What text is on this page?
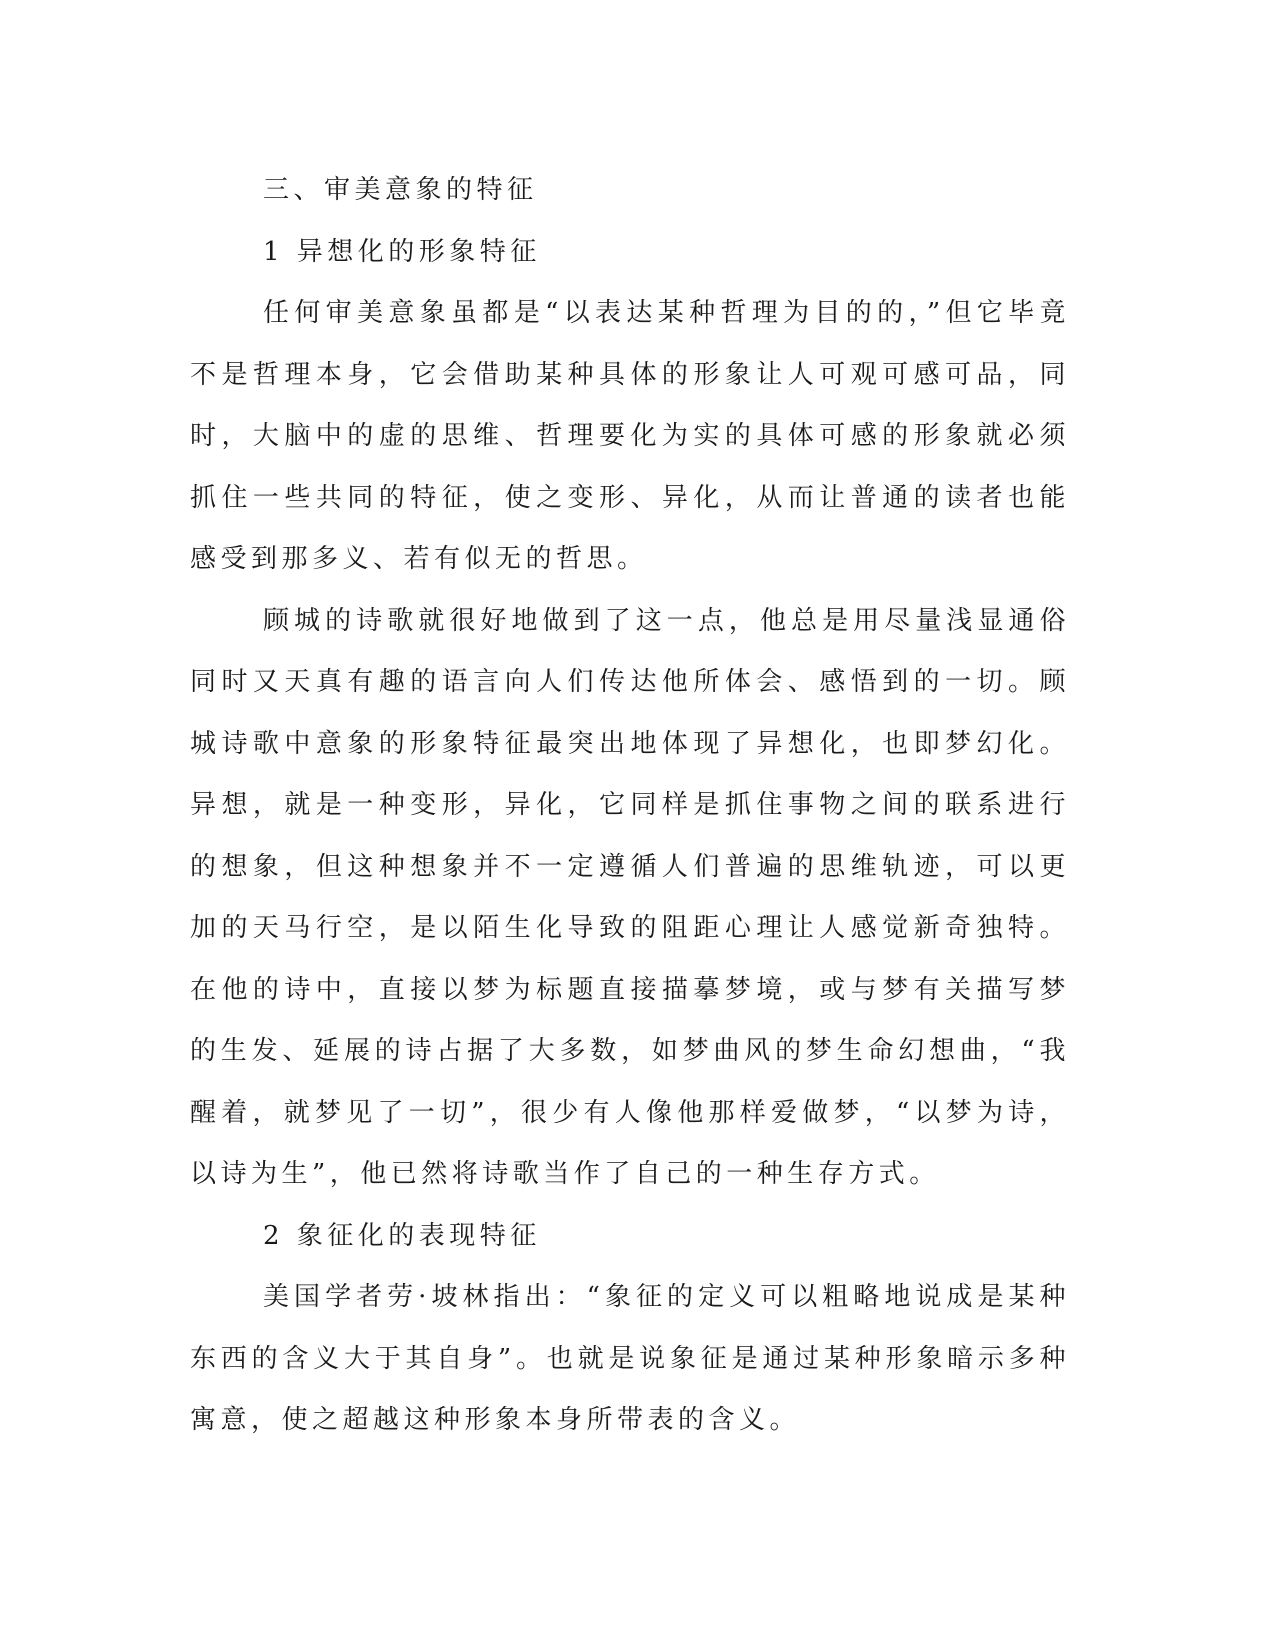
三、审美意象的特征

1 异想化的形象特征

任何审美意象虽都是“以表达某种哲理为目的的，”但它毕竟不是哲理本身，它会借助某种具体的形象让人可观可感可品，同时，大脑中的虚的思维、哲理要化为实的具体可感的形象就必须抓住一些共同的特征，使之变形、异化，从而让普通的读者也能感受到那多义、若有似无的哲思。

顾城的诗歌就很好地做到了这一点，他总是用尽量浅显通俗同时又天真有趣的语言向人们传达他所体会、感悟到的一切。顾城诗歌中意象的形象特征最突出地体现了异想化，也即梦幻化。异想，就是一种变形，异化，它同样是抓住事物之间的联系进行的想象，但这种想象并不一定遵循人们普遍的思维轨迹，可以更加的天马行空，是以陌生化导致的阻距心理让人感觉新奇独特。在他的诗中，直接以梦为标题直接描摹梦境，或与梦有关描写梦的生发、延展的诗占据了大多数，如梦曲风的梦生命幻想曲，“我醒着，就梦见了一切”，很少有人像他那样爱做梦，“以梦为诗，以诗为生”，他已然将诗歌当作了自己的一种生存方式。

2 象征化的表现特征

美国学者劳·坡林指出：“象征的定义可以粗略地说成是某种东西的含义大于其自身”。也就是说象征是通过某种形象暗示多种寓意，使之超越这种形象本身所带表的含义。
